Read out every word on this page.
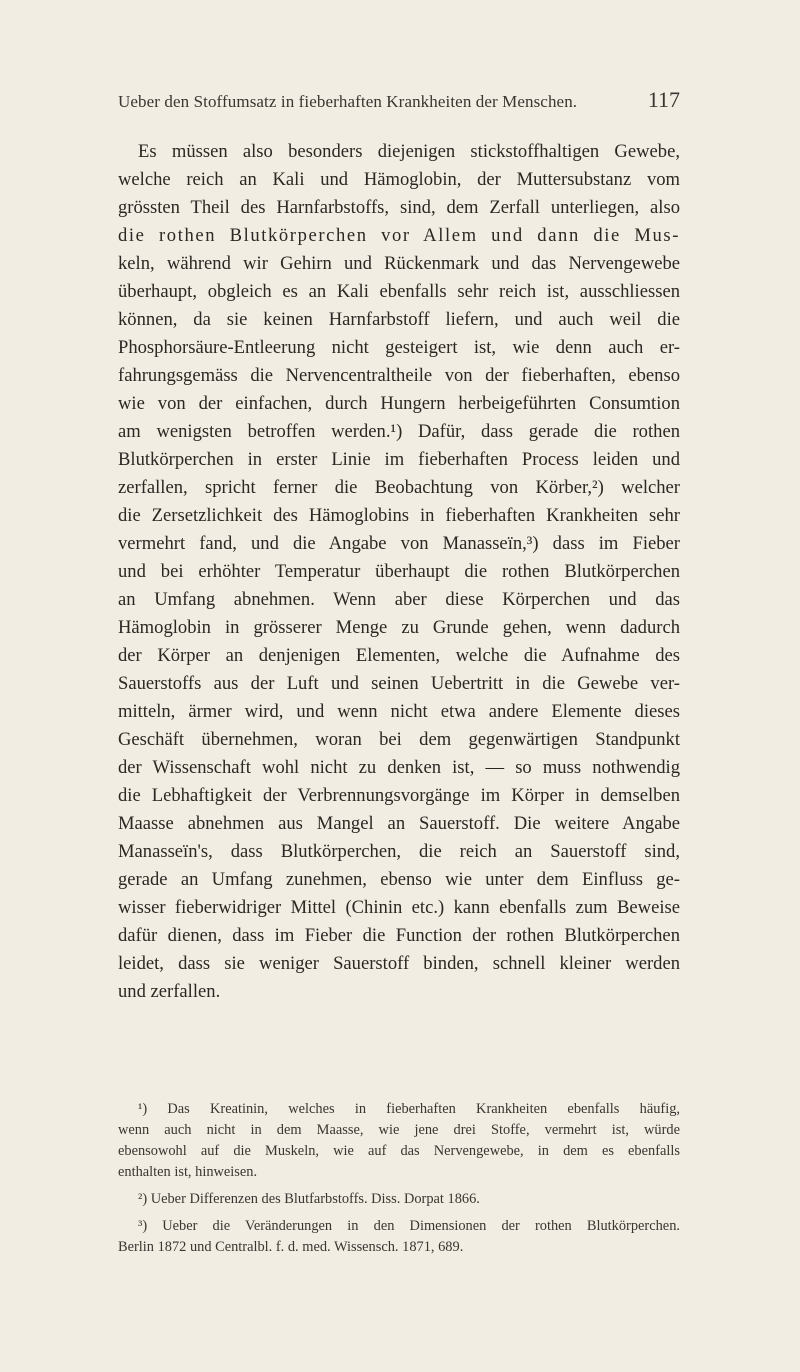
Ueber den Stoffumsatz in fieberhaften Krankheiten der Menschen.	117
Es müssen also besonders diejenigen stickstoffhaltigen Gewebe,
welche reich an Kali und Hämoglobin, der Muttersubstanz vom
grössten Theil des Harnfarbstoffs, sind, dem Zerfall unterliegen, also
die rothen Blutkörperchen vor Allem und dann die Mus-
keln, während wir Gehirn und Rückenmark und das Nervengewebe
überhaupt, obgleich es an Kali ebenfalls sehr reich ist, ausschliessen
können, da sie keinen Harnfarbstoff liefern, und auch weil die
Phosphorsäure-Entleerung nicht gesteigert ist, wie denn auch er-
fahrungsgemäss die Nervencentraltheile von der fieberhaften, ebenso
wie von der einfachen, durch Hungern herbeigeführten Consumtion
am wenigsten betroffen werden.¹) Dafür, dass gerade die rothen
Blutkörperchen in erster Linie im fieberhaften Process leiden und
zerfallen, spricht ferner die Beobachtung von Körber,²) welcher
die Zersetzlichkeit des Hämoglobins in fieberhaften Krankheiten sehr
vermehrt fand, und die Angabe von Manasseïn,³) dass im Fieber
und bei erhöhter Temperatur überhaupt die rothen Blutkörperchen
an Umfang abnehmen. Wenn aber diese Körperchen und das
Hämoglobin in grösserer Menge zu Grunde gehen, wenn dadurch
der Körper an denjenigen Elementen, welche die Aufnahme des
Sauerstoffs aus der Luft und seinen Uebertritt in die Gewebe ver-
mitteln, ärmer wird, und wenn nicht etwa andere Elemente dieses
Geschäft übernehmen, woran bei dem gegenwärtigen Standpunkt
der Wissenschaft wohl nicht zu denken ist, — so muss nothwendig
die Lebhaftigkeit der Verbrennungsvorgänge im Körper in demselben
Maasse abnehmen aus Mangel an Sauerstoff. Die weitere Angabe
Manasseïn's, dass Blutkörperchen, die reich an Sauerstoff sind,
gerade an Umfang zunehmen, ebenso wie unter dem Einfluss ge-
wisser fieberwidriger Mittel (Chinin etc.) kann ebenfalls zum Beweise
dafür dienen, dass im Fieber die Function der rothen Blutkörperchen
leidet, dass sie weniger Sauerstoff binden, schnell kleiner werden
und zerfallen.
¹) Das Kreatinin, welches in fieberhaften Krankheiten ebenfalls häufig,
wenn auch nicht in dem Maasse, wie jene drei Stoffe, vermehrt ist, würde
ebensowohl auf die Muskeln, wie auf das Nervengewebe, in dem es ebenfalls
enthalten ist, hinweisen.
²) Ueber Differenzen des Blutfarbstoffs. Diss. Dorpat 1866.
³) Ueber die Veränderungen in den Dimensionen der rothen Blutkörperchen.
Berlin 1872 und Centralbl. f. d. med. Wissensch. 1871, 689.
